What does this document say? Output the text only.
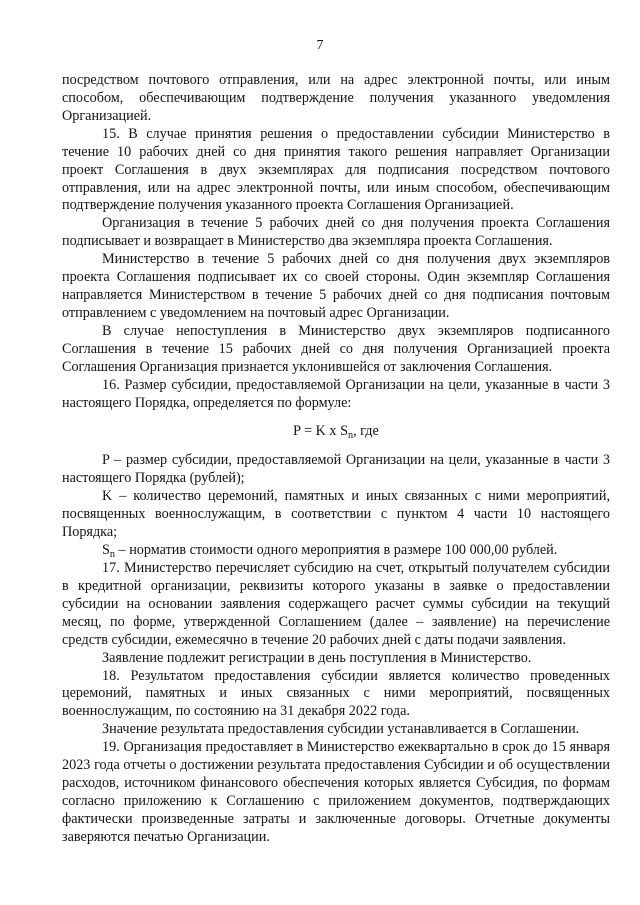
7

посредством почтового отправления, или на адрес электронной почты, или иным способом, обеспечивающим подтверждение получения указанного уведомления Организацией.

15. В случае принятия решения о предоставлении субсидии Министерство в течение 10 рабочих дней со дня принятия такого решения направляет Организации проект Соглашения в двух экземплярах для подписания посредством почтового отправления, или на адрес электронной почты, или иным способом, обеспечивающим подтверждение получения указанного проекта Соглашения Организацией.

Организация в течение 5 рабочих дней со дня получения проекта Соглашения подписывает и возвращает в Министерство два экземпляра проекта Соглашения.

Министерство в течение 5 рабочих дней со дня получения двух экземпляров проекта Соглашения подписывает их со своей стороны. Один экземпляр Соглашения направляется Министерством в течение 5 рабочих дней со дня подписания почтовым отправлением с уведомлением на почтовый адрес Организации.

В случае непоступления в Министерство двух экземпляров подписанного Соглашения в течение 15 рабочих дней со дня получения Организацией проекта Соглашения Организация признается уклонившейся от заключения Соглашения.

16. Размер субсидии, предоставляемой Организации на цели, указанные в части 3 настоящего Порядка, определяется по формуле:

P = K x $S_n$, где

P – размер субсидии, предоставляемой Организации на цели, указанные в части 3 настоящего Порядка (рублей);

K – количество церемоний, памятных и иных связанных с ними мероприятий, посвященных военнослужащим, в соответствии с пунктом 4 части 10 настоящего Порядка;

$S_n$ – норматив стоимости одного мероприятия в размере 100 000,00 рублей.

17. Министерство перечисляет субсидию на счет, открытый получателем субсидии в кредитной организации, реквизиты которого указаны в заявке о предоставлении субсидии на основании заявления содержащего расчет суммы субсидии на текущий месяц, по форме, утвержденной Соглашением (далее – заявление) на перечисление средств субсидии, ежемесячно в течение 20 рабочих дней с даты подачи заявления.

Заявление подлежит регистрации в день поступления в Министерство.

18. Результатом предоставления субсидии является количество проведенных церемоний, памятных и иных связанных с ними мероприятий, посвященных военнослужащим, по состоянию на 31 декабря 2022 года.

Значение результата предоставления субсидии устанавливается в Соглашении.

19. Организация предоставляет в Министерство ежеквартально в срок до 15 января 2023 года отчеты о достижении результата предоставления Субсидии и об осуществлении расходов, источником финансового обеспечения которых является Субсидия, по формам согласно приложению к Соглашению с приложением документов, подтверждающих фактически произведенные затраты и заключенные договоры. Отчетные документы заверяются печатью Организации.
